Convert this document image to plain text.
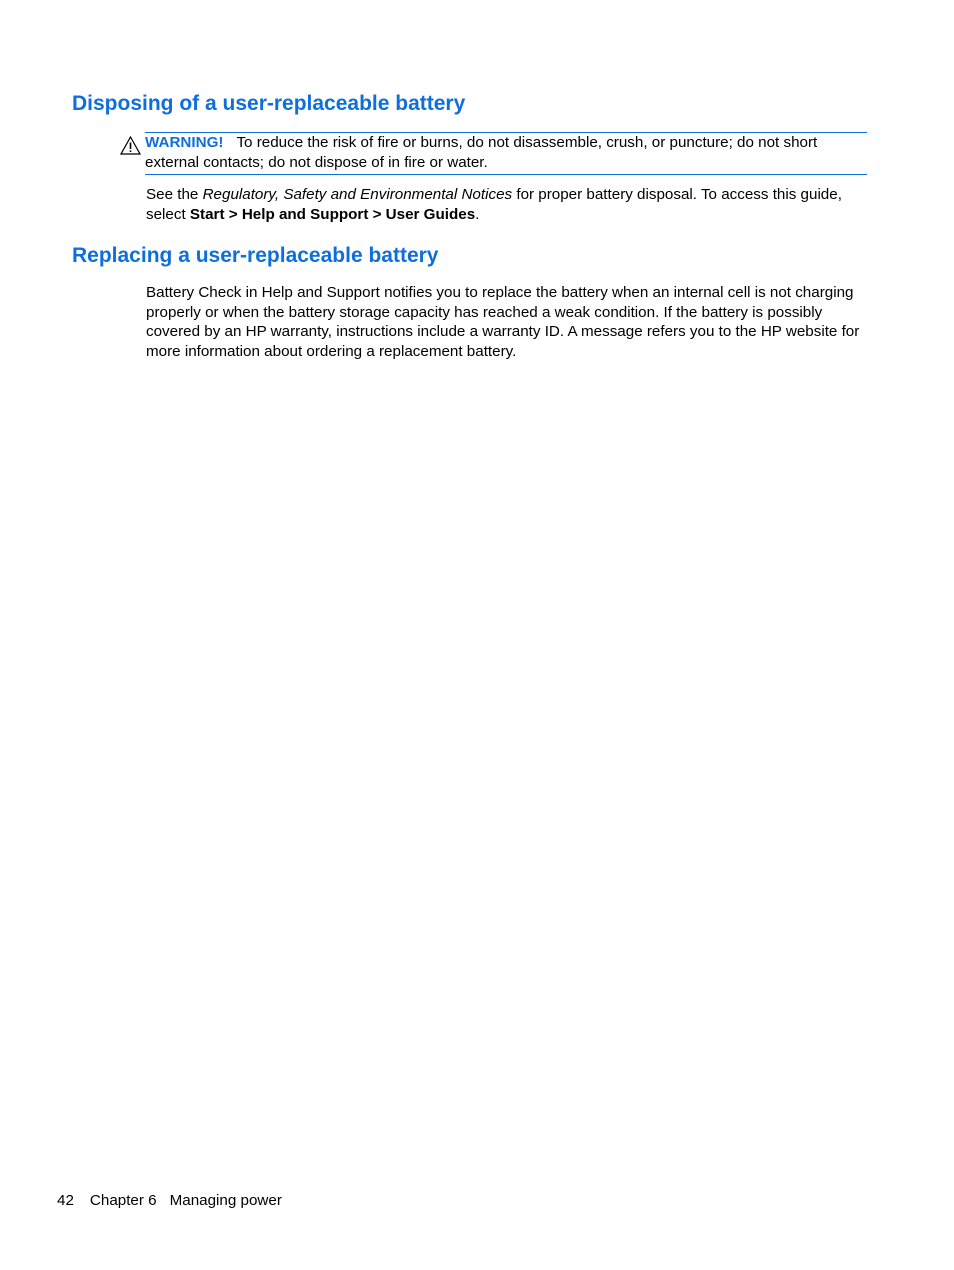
Disposing of a user-replaceable battery
WARNING! To reduce the risk of fire or burns, do not disassemble, crush, or puncture; do not short external contacts; do not dispose of in fire or water.

See the Regulatory, Safety and Environmental Notices for proper battery disposal. To access this guide, select Start > Help and Support > User Guides.

Replacing a user-replaceable battery

Battery Check in Help and Support notifies you to replace the battery when an internal cell is not charging properly or when the battery storage capacity has reached a weak condition. If the battery is possibly covered by an HP warranty, instructions include a warranty ID. A message refers you to the HP website for more information about ordering a replacement battery.

42 Chapter 6 Managing power
